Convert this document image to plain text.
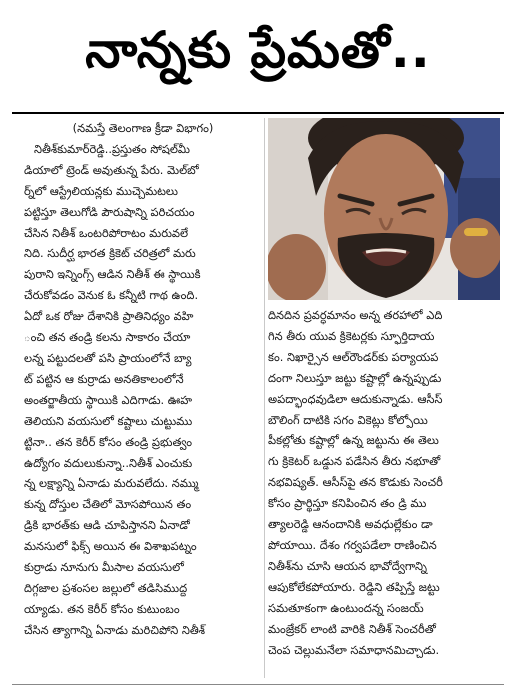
నాన్నకు ప్రేమతో..
(నమస్తే తెలంగాణ క్రీడా విభాగం)
నితీశ్‌కుమార్‌రెడ్డి..ప్రస్తుతం సోషల్‌మీ
డియాలో ట్రెండ్ అవుతున్న పేరు. మెల్‌బో
ర్న్‌లో ఆస్ట్రేలియన్లకు ముచ్చెమటలు
పట్టిస్తూ తెలుగోడి పౌరుషాన్ని పరిచయం
చేసిన నితీశ్ ఒంటరిపోరాటం మరువలే
నిది. సుదీర్ఘ భారత క్రికెట్ చరిత్రలో మరు
పురాని ఇన్నింగ్స్ ఆడిన నితీశ్ ఈ స్థాయికి
చేరుకోవడం వెనుక ఓ కన్నీటి గాథ ఉంది.
ఏదో ఒక రోజు దేశానికి ప్రాతినిధ్యం వహి
ంచి తన తండ్రి కలను సాకారం చేయా
లన్న పట్టుదలతో పసి ప్రాయంలోనే బ్యా
ట్ పట్టిన ఆ కుర్రాడు అనతికాలంలోనే
అంతర్జాతీయ స్థాయికి ఎదిగాడు. ఊహ
తెలియని వయసులో కష్టాలు చుట్టుము
ట్టినా.. తన కెరీర్ కోసం తండ్రి ప్రభుత్వం
ఉద్యోగం వదులుకున్నా..నితీశ్ ఎంచుకు
న్న లక్ష్యాన్ని ఏనాడు మరువలేదు. నమ్ము
కున్న దోస్తుల చేతిలో మోసపోయిన తం
డ్రికి భారత్‌కు ఆడి చూపిస్తానని ఏనాడో
మనసులో ఫిక్స్ అయిన ఈ విశాఖపట్నం
కుర్రాడు నూనుగు మీసాల వయసులో
దిగ్గజాల ప్రశంసల జల్లులో తడిసిముద్ద
య్యాడు. తన కెరీర్ కోసం కుటుంబం
చేసిన త్యాగాన్ని ఏనాడు మరిచిపోని నితీశ్
దినదిన ప్రవర్ధమానం అన్న తరహాలో ఎది
గిన తీరు యువ క్రికెటర్లకు స్ఫూర్తిదాయ
కం. నిఖార్సైన ఆల్‌రౌండర్‌కు పర్యాయప
దంగా నిలుస్తూ జట్టు కష్టాల్లో ఉన్నప్పుడు
అపద్భాంధవుడిలా ఆదుకున్నాడు. ఆసీస్
బౌలింగ్ దాటికి సగం వికెట్లు కోల్పోయి
పీకల్లోతు కష్టాల్లో ఉన్న జట్టును ఈ తెలు
గు క్రికెటర్ ఒడ్డున పడేసిన తీరు నభూతో
నభవిష్యత్. ఆసీస్‌పై తన కొడుకు సెంచరీ
కోసం ప్రార్థిస్తూ కనిపించిన తం డ్రి ము
త్యాలరెడ్డి ఆనందానికి అవధుల్లేకుం డా
పోయాయి. దేశం గర్వపడేలా రాణించిన
నితీశ్‌ను చూసి ఆయన భావోద్వేగాన్ని
ఆపుకోలేకపోయారు. రెడ్డిని తప్పిస్తే జట్టు
సమతూకంగా ఉంటుందన్న సంజయ్
మంజ్రేకర్ లాంటి వారికి నితీశ్ సెంచరీతో
చెంప చెల్లుమనేలా సమాధానమిచ్చాడు.
